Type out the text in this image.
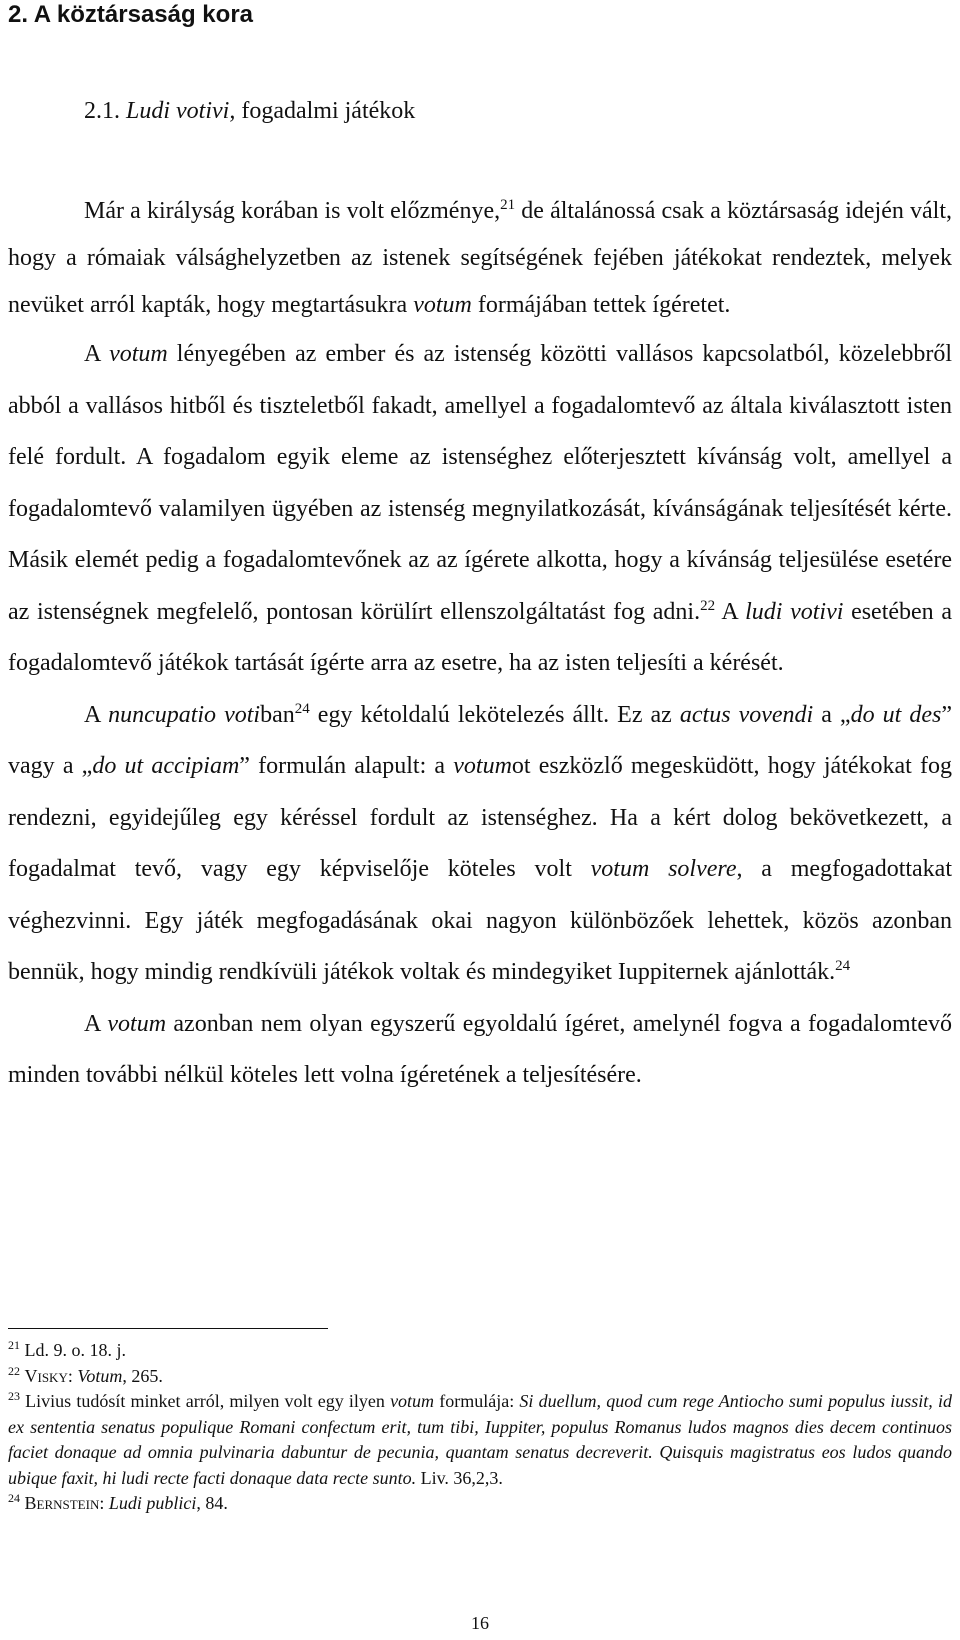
2. A köztársaság kora
2.1. Ludi votivi, fogadalmi játékok

Már a királyság korában is volt előzménye,$^{21}$ de általánossá csak a köztársaság idején vált, hogy a rómaiak válsághelyzetben az istenek segítségének fejében játékokat rendeztek, melyek nevüket arról kapták, hogy megtartásukra votum formájában tettek ígéretet.

A votum lényegében az ember és az istenség közötti vallásos kapcsolatból, közelebbről abból a vallásos hitből és tiszteletből fakadt, amellyel a fogadalomtevő az általa kiválasztott isten felé fordult. A fogadalom egyik eleme az istenséghez előterjesztett kívánság volt, amellyel a fogadalomtevő valamilyen ügyében az istenség megnyilatkozását, kívánságának teljesítését kérte. Másik elemét pedig a fogadalomtevőnek az az ígérete alkotta, hogy a kívánság teljesülése esetére az istenségnek megfelelő, pontosan körülírt ellenszolgáltatást fog adni.$^{22}$ A ludi votivi esetében a fogadalomtevő játékok tartását ígérte arra az esetre, ha az isten teljesíti a kérését.

A nuncupatio votiban$^{24}$ egy kétoldalú lekötelezés állt. Ez az actus vovendi a „do ut des” vagy a „do ut accipiam” formulán alapult: a votumot eszközlő megesküdött, hogy játékokat fog rendezni, egyidejűleg egy kéréssel fordult az istenséghez. Ha a kért dolog bekövetkezett, a fogadalmat tevő, vagy egy képviselője köteles volt votum solvere, a megfogadottakat véghezvinni. Egy játék megfogadásának okai nagyon különbözőek lehettek, közös azonban bennük, hogy mindig rendkívüli játékok voltak és mindegyiket Iuppiternek ajánlották.$^{24}$

A votum azonban nem olyan egyszerű egyoldalú ígéret, amelynél fogva a fogadalomtevő minden további nélkül köteles lett volna ígéretének a teljesítésére.

$^{21}$ Ld. 9. o. 18. j.

$^{22}$ Visky: Votum, 265.

$^{23}$ Livius tudósít minket arról, milyen volt egy ilyen votum formulája: Si duellum, quod cum rege Antiocho sumi populus iussit, id ex sententia senatus populique Romani confectum erit, tum tibi, Iuppiter, populus Romanus ludos magnos dies decem continuos faciet donaque ad omnia pulvinaria dabuntur de pecunia, quantam senatus decreverit. Quisquis magistratus eos ludos quando ubique faxit, hi ludi recte facti donaque data recte sunto. Liv. 36,2,3.

$^{24}$ Bernstein: Ludi publici, 84.

16
